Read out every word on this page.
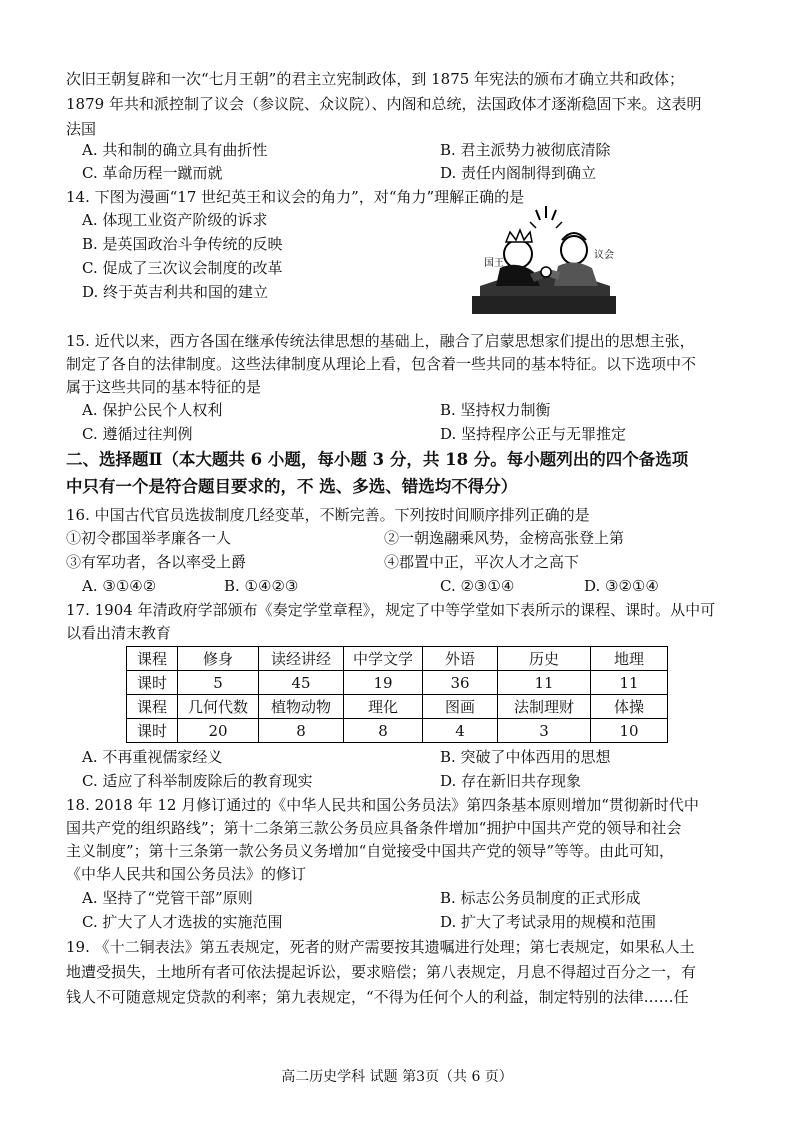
次旧王朝复辟和一次“七月王朝”的君主立宪制政体，到 1875 年宪法的颁布才确立共和政体；
1879 年共和派控制了议会（参议院、众议院）、内阁和总统，法国政体才逐渐稳固下来。这表明
法国
A. 共和制的确立具有曲折性	B. 君主派势力被彻底清除
C. 革命历程一蹴而就	D. 责任内阁制得到确立
14. 下图为漫画“17 世纪英王和议会的角力”，对“角力”理解正确的是
A. 体现工业资产阶级的诉求
B. 是英国政治斗争传统的反映
C. 促成了三次议会制度的改革
D. 终于英吉利共和国的建立
国王
议会
15. 近代以来，西方各国在继承传统法律思想的基础上，融合了启蒙思想家们提出的思想主张，
制定了各自的法律制度。这些法律制度从理论上看，包含着一些共同的基本特征。以下选项中不
属于这些共同的基本特征的是
A. 保护公民个人权利	B. 坚持权力制衡
C. 遵循过往判例	D. 坚持程序公正与无罪推定
二、选择题Ⅱ（本大题共 6 小题，每小题 3 分，共 18 分。每小题列出的四个备选项
中只有一个是符合题目要求的，不 选、多选、错选均不得分）
16. 中国古代官员选拔制度几经变革，不断完善。下列按时间顺序排列正确的是
①初令郡国举孝廉各一人	②一朝逸翮乘风势，金榜高张登上第
③有军功者，各以率受上爵	④郡置中正，平次人才之高下
A. ③①④②	B. ①④②③	C. ②③①④	D. ③②①④
17. 1904 年清政府学部颁布《奏定学堂章程》，规定了中等学堂如下表所示的课程、课时。从中可
以看出清末教育
课程	修身	读经讲经	中学文学	外语	历史	地理
课时	5	45	19	36	11	11
课程	几何代数	植物动物	理化	图画	法制理财	体操
课时	20	8	8	4	3	10
A. 不再重视儒家经义	B. 突破了中体西用的思想
C. 适应了科举制废除后的教育现实	D. 存在新旧共存现象
18. 2018 年 12 月修订通过的《中华人民共和国公务员法》第四条基本原则增加“贯彻新时代中
国共产党的组织路线”；第十二条第三款公务员应具备条件增加“拥护中国共产党的领导和社会
主义制度”；第十三条第一款公务员义务增加“自觉接受中国共产党的领导”等等。由此可知，
《中华人民共和国公务员法》的修订
A. 坚持了“党管干部”原则	B. 标志公务员制度的正式形成
C. 扩大了人才选拔的实施范围	D. 扩大了考试录用的规模和范围
19. 《十二铜表法》第五表规定，死者的财产需要按其遗嘱进行处理；第七表规定，如果私人土
地遭受损失，土地所有者可依法提起诉讼，要求赔偿；第八表规定，月息不得超过百分之一，有
钱人不可随意规定贷款的利率；第九表规定，“不得为任何个人的利益，制定特别的法律……任
高二历史学科 试题 第3页（共 6 页）
